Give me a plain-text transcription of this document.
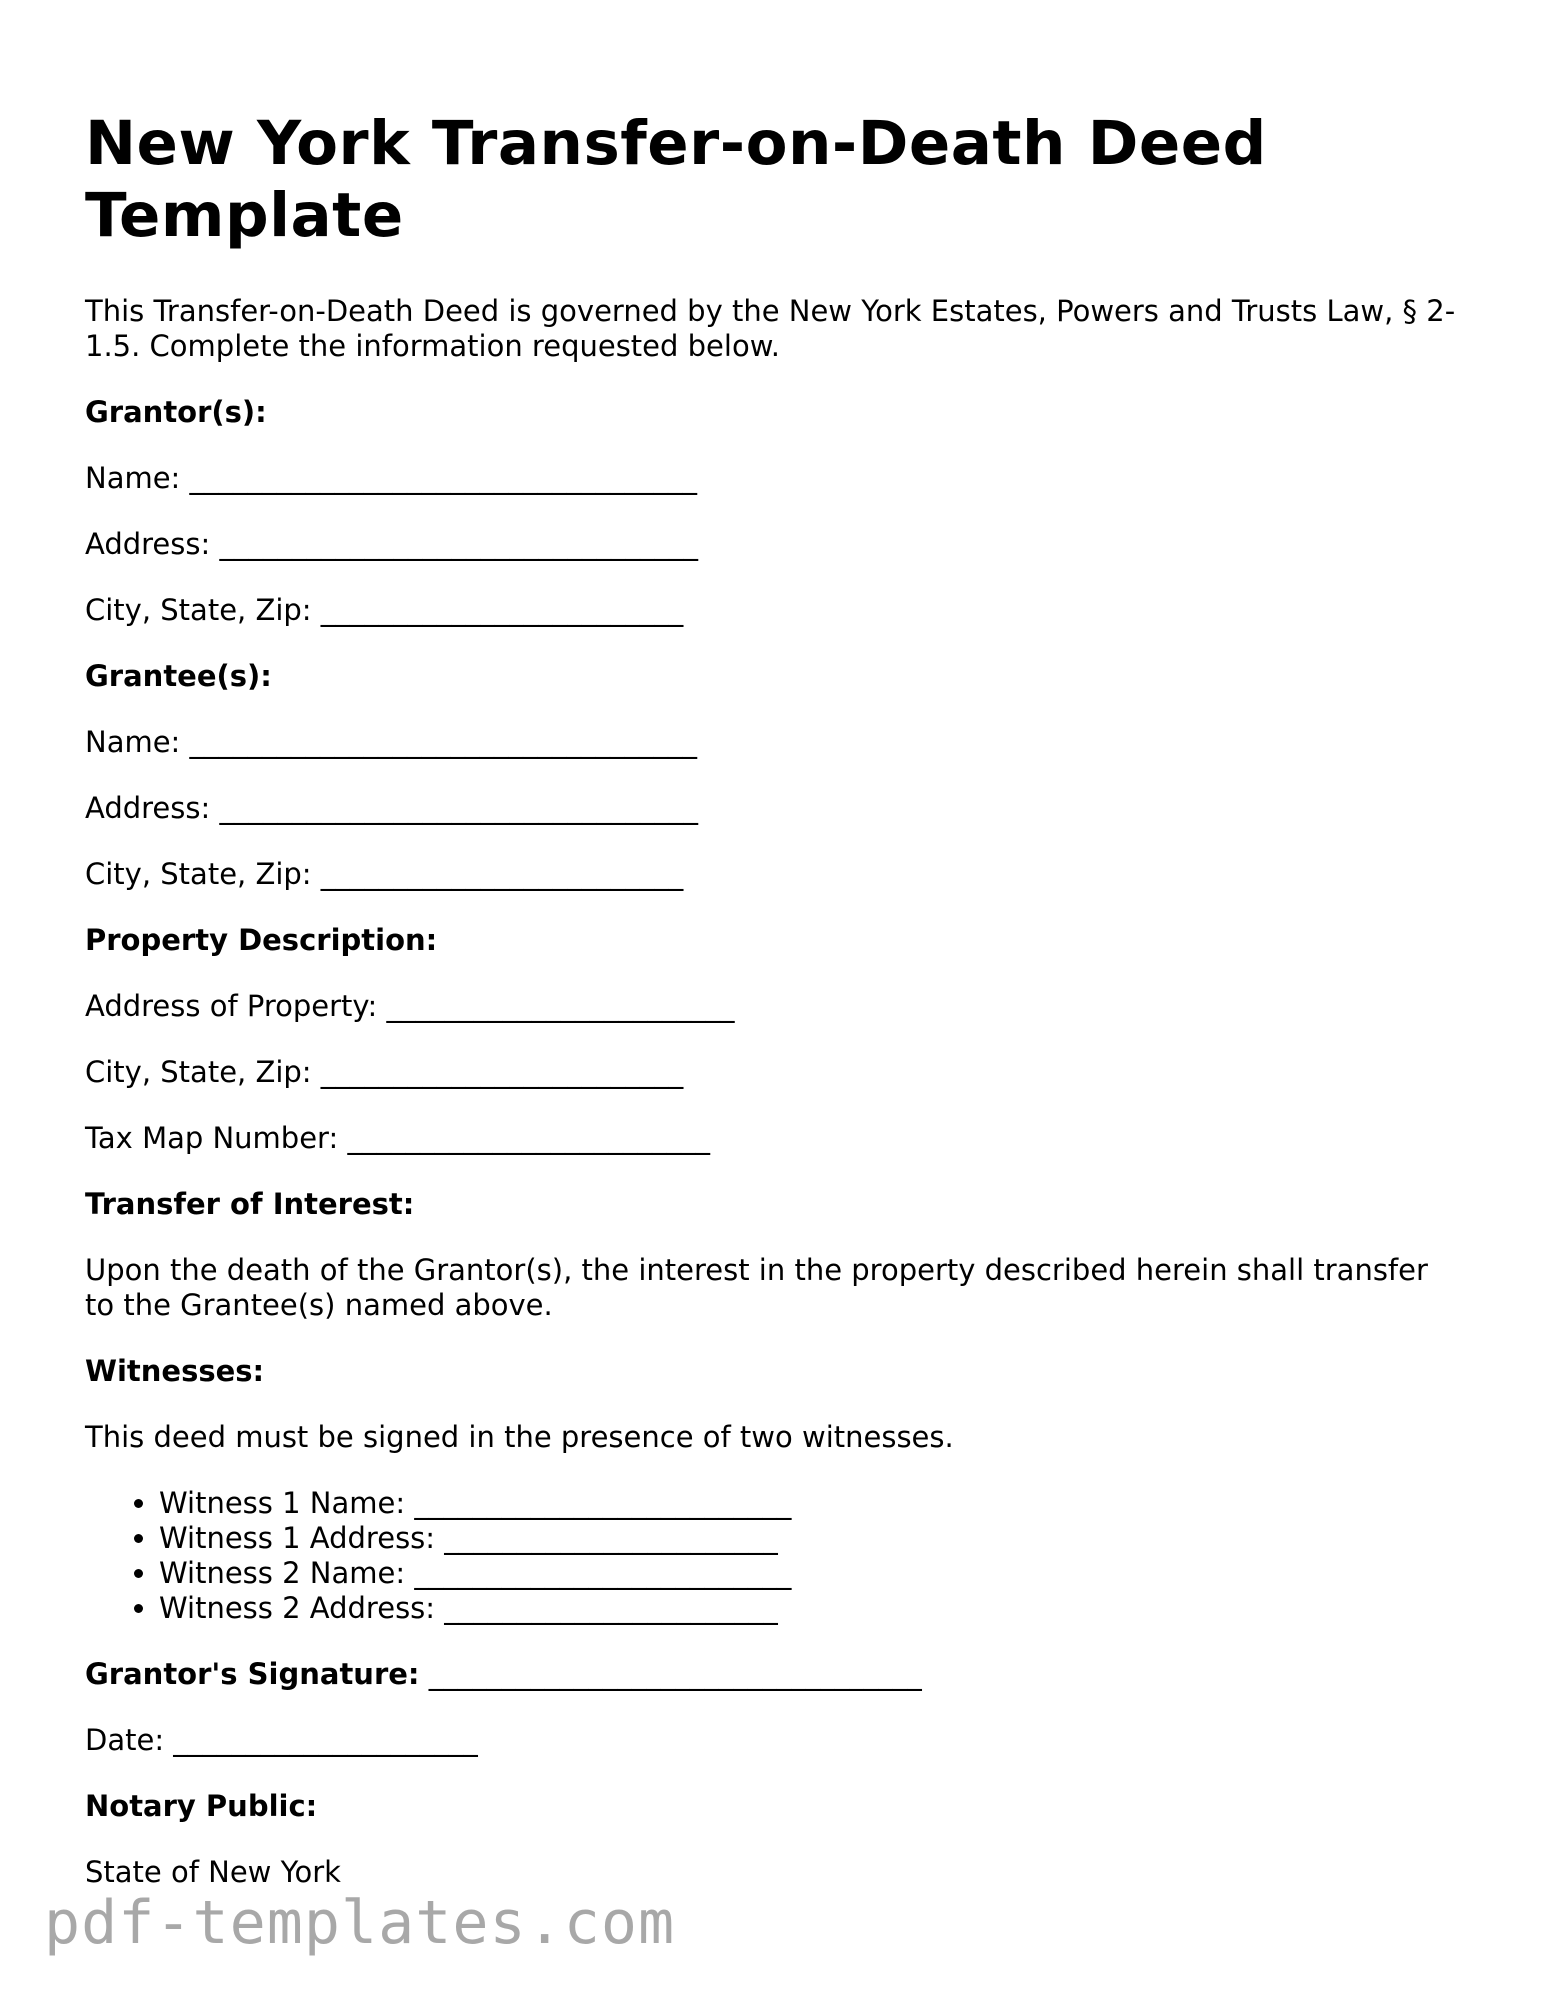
New York Transfer-on-Death Deed Template

This Transfer-on-Death Deed is governed by the New York Estates, Powers and Trusts Law, § 2-1.5. Complete the information requested below.

Grantor(s):

Name: ___________________________________

Address: _________________________________

City, State, Zip: _________________________

Grantee(s):

Name: ___________________________________

Address: _________________________________

City, State, Zip: _________________________

Property Description:

Address of Property: ________________________

City, State, Zip: _________________________

Tax Map Number: _________________________

Transfer of Interest:

Upon the death of the Grantor(s), the interest in the property described herein shall transfer to the Grantee(s) named above.

Witnesses:

This deed must be signed in the presence of two witnesses.

• Witness 1 Name: __________________________
• Witness 1 Address: _______________________
• Witness 2 Name: __________________________
• Witness 2 Address: _______________________

Grantor's Signature: __________________________________

Date: _____________________

Notary Public:

State of New York

pdf-templates.com
